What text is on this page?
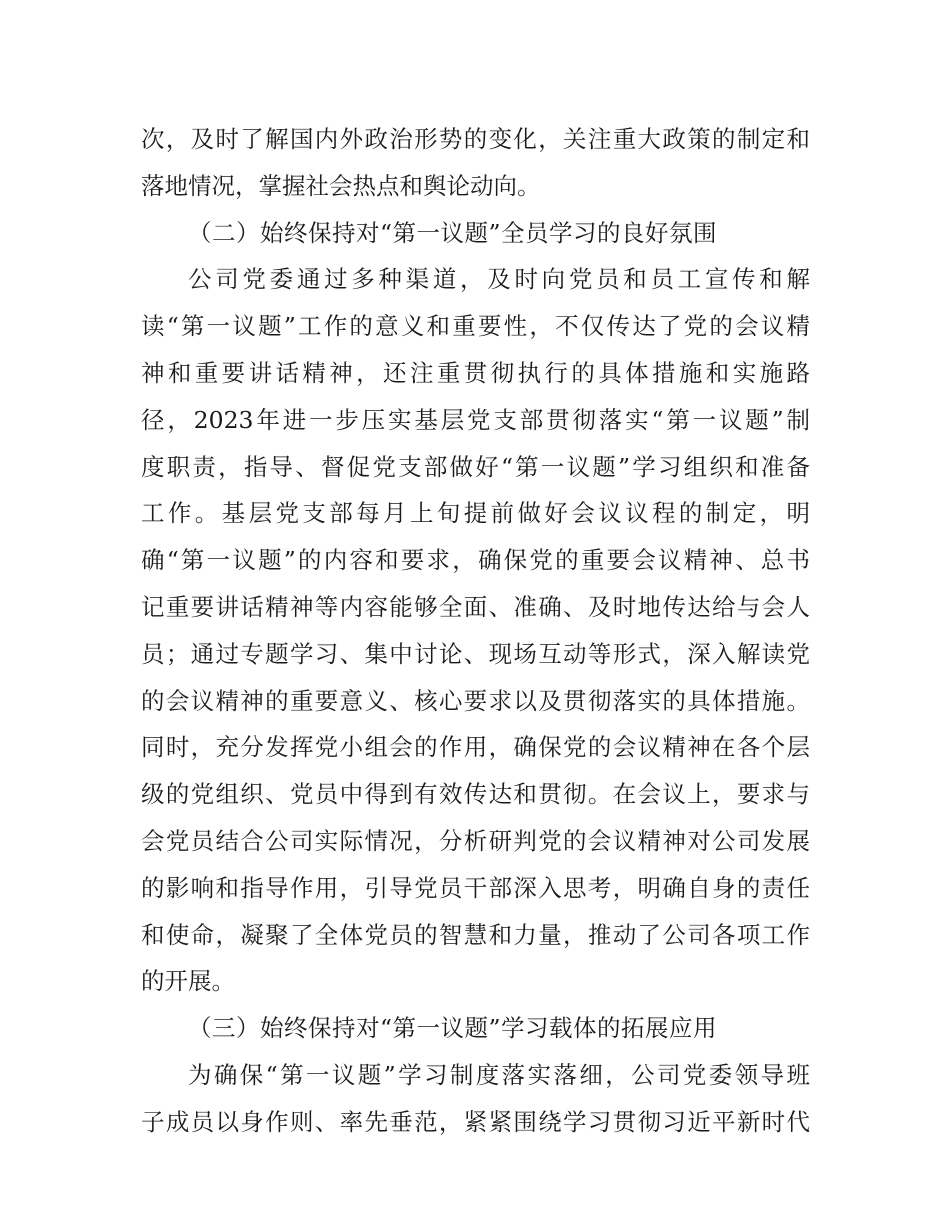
次，及时了解国内外政治形势的变化，关注重大政策的制定和
落地情况，掌握社会热点和舆论动向。
（二）始终保持对“第一议题”全员学习的良好氛围
公司党委通过多种渠道，及时向党员和员工宣传和解
读“第一议题”工作的意义和重要性，不仅传达了党的会议精
神和重要讲话精神，还注重贯彻执行的具体措施和实施路
径，2023年进一步压实基层党支部贯彻落实“第一议题”制
度职责，指导、督促党支部做好“第一议题”学习组织和准备
工作。基层党支部每月上旬提前做好会议议程的制定，明
确“第一议题”的内容和要求，确保党的重要会议精神、总书
记重要讲话精神等内容能够全面、准确、及时地传达给与会人
员；通过专题学习、集中讨论、现场互动等形式，深入解读党
的会议精神的重要意义、核心要求以及贯彻落实的具体措施。
同时，充分发挥党小组会的作用，确保党的会议精神在各个层
级的党组织、党员中得到有效传达和贯彻。在会议上，要求与
会党员结合公司实际情况，分析研判党的会议精神对公司发展
的影响和指导作用，引导党员干部深入思考，明确自身的责任
和使命，凝聚了全体党员的智慧和力量，推动了公司各项工作
的开展。
（三）始终保持对“第一议题”学习载体的拓展应用
为确保“第一议题”学习制度落实落细，公司党委领导班
子成员以身作则、率先垂范，紧紧围绕学习贯彻习近平新时代
